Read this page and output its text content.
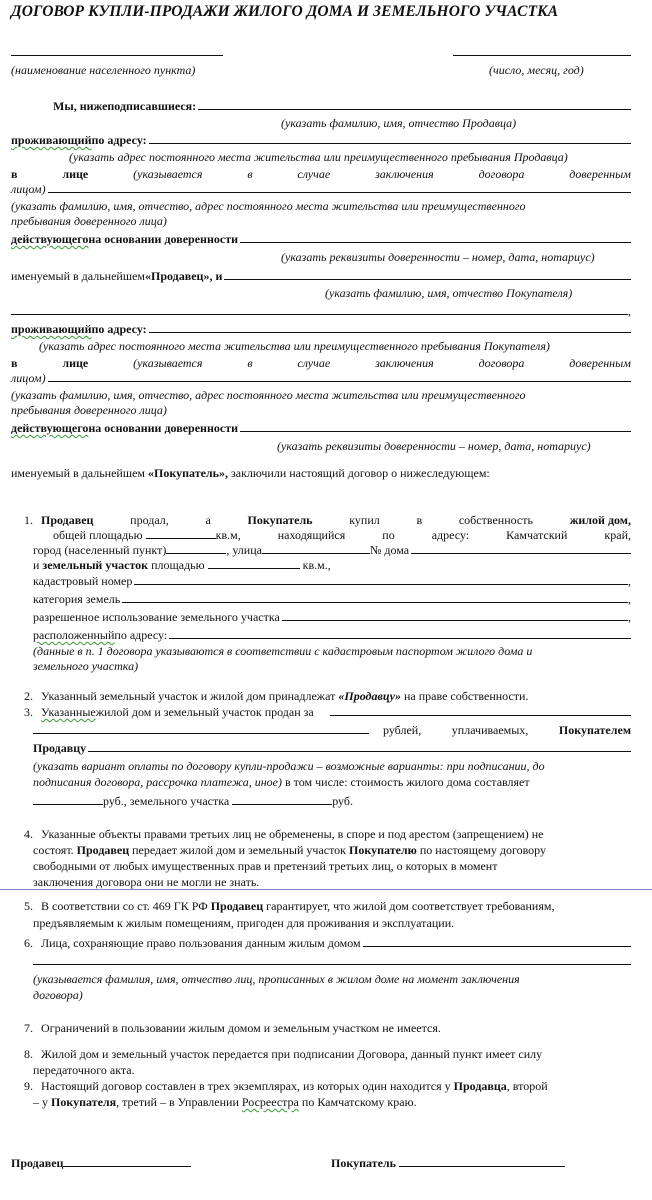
ДОГОВОР КУПЛИ-ПРОДАЖИ ЖИЛОГО ДОМА И ЗЕМЕЛЬНОГО УЧАСТКА
(наименование населенного пункта)	(число, месяц, год)
Мы, нижеподписавшиеся:
(указать фамилию, имя, отчество Продавца)
проживающий по адресу:
(указать адрес постоянного места жительства или преимущественного пребывания Продавца)
в	лице	(указывается	в	случае	заключения	договора	доверенным
лицом)
(указать фамилию, имя, отчество, адрес постоянного места жительства или преимущественного
пребывания доверенного лица)
действующего на основании доверенности
(указать реквизиты доверенности – номер, дата, нотариус)
именуемый в дальнейшем «Продавец», и
(указать фамилию, имя, отчество Покупателя)
,
проживающий по адресу:
(указать адрес постоянного места жительства или преимущественного пребывания Покупателя)
в	лице	(указывается	в	случае	заключения	договора	доверенным
лицом)
(указать фамилию, имя, отчество, адрес постоянного места жительства или преимущественного
пребывания доверенного лица)
действующего на основании доверенности
(указать реквизиты доверенности – номер, дата, нотариус)
именуемый в дальнейшем «Покупатель», заключили настоящий договор о нижеследующем:
1. Продавец	продал,	а	Покупатель	купил	в	собственность	жилой дом,
общей площадью	кв.м,	находящийся	по	адресу:	Камчатский	край,
город (населенный пункт)	, улица	№ дома
и земельный участок площадью	кв.м.,
кадастровый номер	,
категория земель	,
разрешенное использование земельного участка	,
расположенный по адресу:
(данные в п. 1 договора указываются в соответствии с кадастровым паспортом жилого дома и
земельного участка)
2. Указанный земельный участок и жилой дом принадлежат «Продавцу» на праве собственности.
3. Указанные жилой дом и земельный участок продан за
рублей,	уплачиваемых,	Покупателем
Продавцу
(указать вариант оплаты по договору купли-продажи – возможные варианты: при подписании, до
подписания договора, рассрочка платежа, иное) в том числе: стоимость жилого дома составляет
руб., земельного участка	руб.
4. Указанные объекты правами третьих лиц не обременены, в споре и под арестом (запрещением) не
состоят. Продавец передает жилой дом и земельный участок Покупателю по настоящему договору
свободными от любых имущественных прав и претензий третьих лиц, о которых в момент
заключения договора они не могли не знать.
5. В соответствии со ст. 469 ГК РФ Продавец гарантирует, что жилой дом соответствует требованиям,
предъявляемым к жилым помещениям, пригоден для проживания и эксплуатации.
6. Лица, сохраняющие право пользования данным жилым домом
(указывается фамилия, имя, отчество лиц, прописанных в жилом доме на момент заключения
договора)
7. Ограничений в пользовании жилым домом и земельным участком не имеется.
8. Жилой дом и земельный участок передается при подписании Договора, данный пункт имеет силу
передаточного акта.
9. Настоящий договор составлен в трех экземплярах, из которых один находится у Продавца, второй
– у Покупателя, третий – в Управлении Росреестра по Камчатскому краю.
Продавец	Покупатель
